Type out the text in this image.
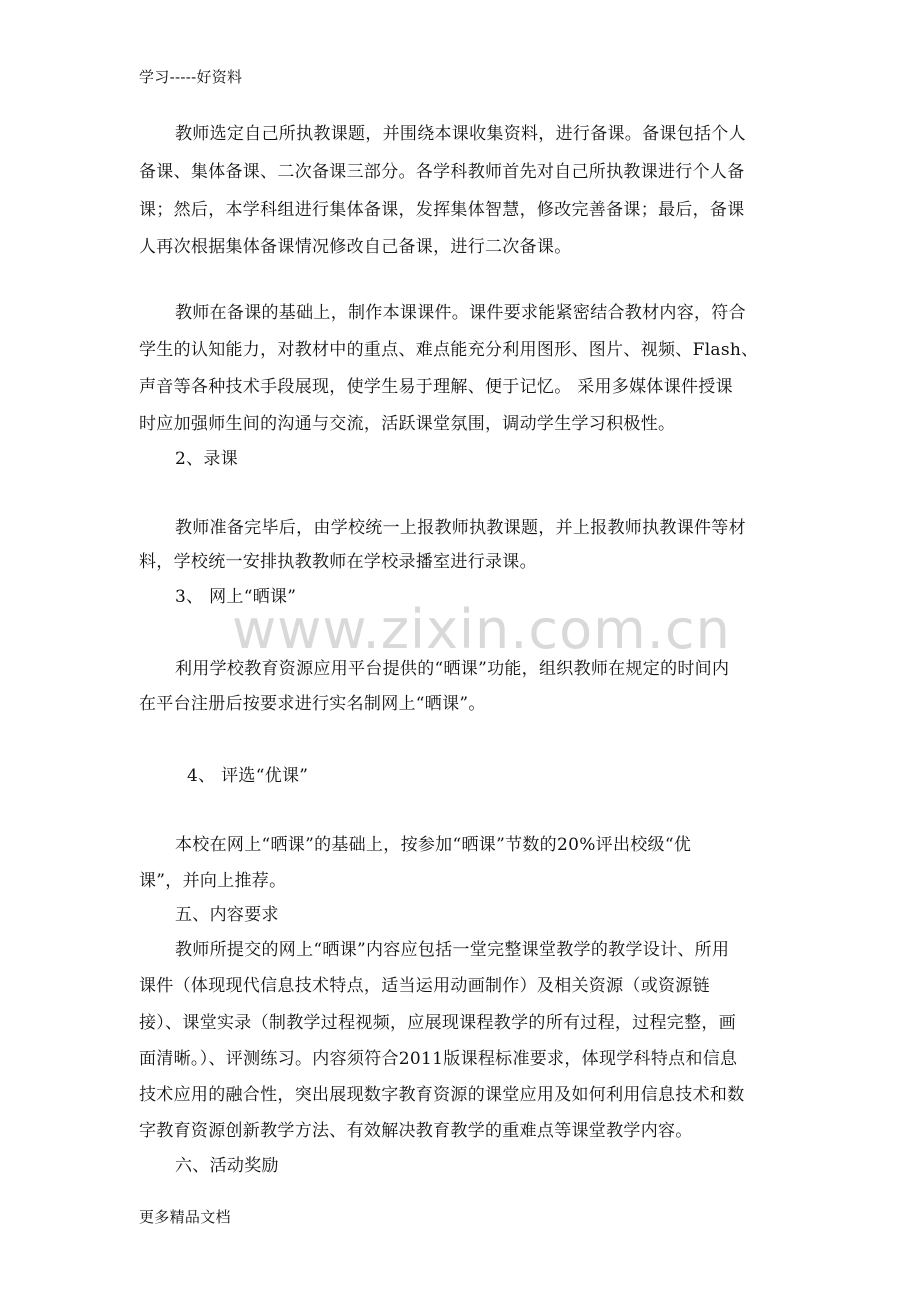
学习-----好资料
www.zixin.com.cn
教师选定自己所执教课题，并围绕本课收集资料，进行备课。备课包括个人
备课、集体备课、二次备课三部分。各学科教师首先对自己所执教课进行个人备
课；然后，本学科组进行集体备课，发挥集体智慧，修改完善备课；最后，备课
人再次根据集体备课情况修改自己备课，进行二次备课。
教师在备课的基础上，制作本课课件。课件要求能紧密结合教材内容，符合
学生的认知能力，对教材中的重点、难点能充分利用图形、图片、视频、Flash、
声音等各种技术手段展现，使学生易于理解、便于记忆。 采用多媒体课件授课
时应加强师生间的沟通与交流，活跃课堂氛围，调动学生学习积极性。
2、录课
教师准备完毕后，由学校统一上报教师执教课题，并上报教师执教课件等材
料，学校统一安排执教教师在学校录播室进行录课。
3、 网上“晒课”
利用学校教育资源应用平台提供的“晒课”功能，组织教师在规定的时间内
在平台注册后按要求进行实名制网上“晒课”。
4、 评选“优课”
本校在网上“晒课”的基础上，按参加“晒课”节数的20%评出校级“优
课”，并向上推荐。
五、内容要求
教师所提交的网上“晒课”内容应包括一堂完整课堂教学的教学设计、所用
课件（体现现代信息技术特点，适当运用动画制作）及相关资源（或资源链
接）、课堂实录（制教学过程视频，应展现课程教学的所有过程，过程完整，画
面清晰。）、评测练习。内容须符合2011版课程标准要求，体现学科特点和信息
技术应用的融合性，突出展现数字教育资源的课堂应用及如何利用信息技术和数
字教育资源创新教学方法、有效解决教育教学的重难点等课堂教学内容。
六、活动奖励
更多精品文档
